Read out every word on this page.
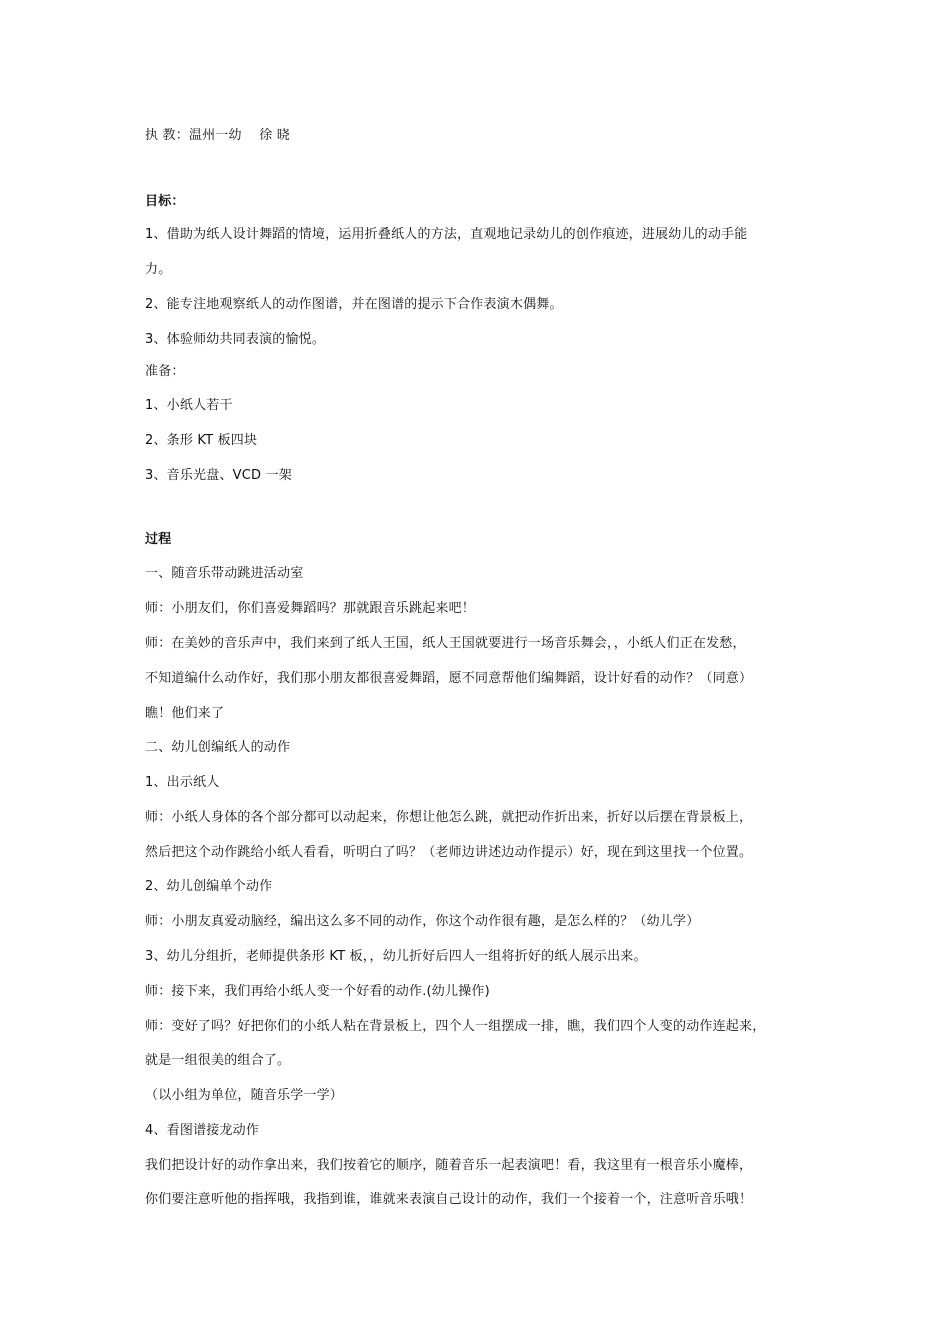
执 教：温州一幼　 徐 晓
目标：
1、借助为纸人设计舞蹈的情境，运用折叠纸人的方法，直观地记录幼儿的创作痕迹，进展幼儿的动手能
力。
2、能专注地观察纸人的动作图谱，并在图谱的提示下合作表演木偶舞。
3、体验师幼共同表演的愉悦。
准备：
1、小纸人若干
2、条形 KT 板四块
3、音乐光盘、VCD 一架
过程
一、随音乐带动跳进活动室
师：小朋友们，你们喜爱舞蹈吗？那就跟音乐跳起来吧！
师：在美妙的音乐声中，我们来到了纸人王国，纸人王国就要进行一场音乐舞会，，小纸人们正在发愁，
不知道编什么动作好，我们那小朋友都很喜爱舞蹈，愿不同意帮他们编舞蹈，设计好看的动作？（同意）
瞧！他们来了
二、幼儿创编纸人的动作
1、出示纸人
师：小纸人身体的各个部分都可以动起来，你想让他怎么跳，就把动作折出来，折好以后摆在背景板上，
然后把这个动作跳给小纸人看看，听明白了吗？（老师边讲述边动作提示）好，现在到这里找一个位置。
2、幼儿创编单个动作
师：小朋友真爱动脑经，编出这么多不同的动作，你这个动作很有趣，是怎么样的？（幼儿学）
3、幼儿分组折，老师提供条形 KT 板，，幼儿折好后四人一组将折好的纸人展示出来。
师：接下来，我们再给小纸人变一个好看的动作.(幼儿操作)
师：变好了吗？好把你们的小纸人粘在背景板上，四个人一组摆成一排，瞧，我们四个人变的动作连起来，
就是一组很美的组合了。
（以小组为单位，随音乐学一学）
4、看图谱接龙动作
我们把设计好的动作拿出来，我们按着它的顺序，随着音乐一起表演吧！看，我这里有一根音乐小魔棒，
你们要注意听他的指挥哦，我指到谁，谁就来表演自己设计的动作，我们一个接着一个，注意听音乐哦！
